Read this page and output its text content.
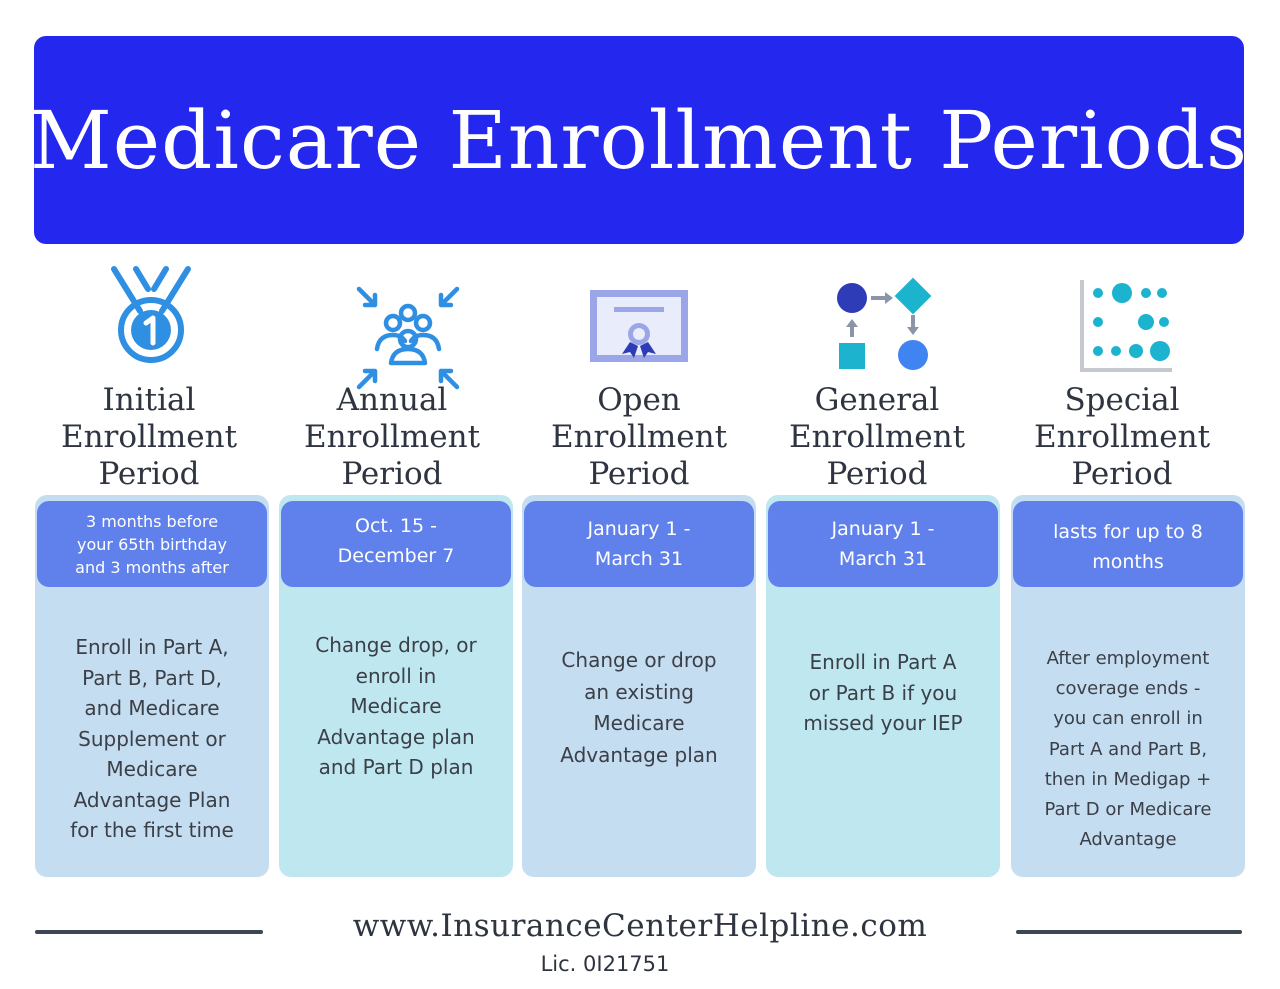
Medicare Enrollment Periods
Initial
Enrollment
Period
Annual
Enrollment
Period
Open
Enrollment
Period
General
Enrollment
Period
Special
Enrollment
Period
3 months before
your 65th birthday
and 3 months after
Enroll in Part A,
Part B, Part D,
and Medicare
Supplement or
Medicare
Advantage Plan
for the first time
Oct. 15 -
December 7
Change drop, or
enroll in
Medicare
Advantage plan
and Part D plan
January 1 -
March 31
Change or drop
an existing
Medicare
Advantage plan
January 1 -
March 31
Enroll in Part A
or Part B if you
missed your IEP
lasts for up to 8
months
After employment
coverage ends -
you can enroll in
Part A and Part B,
then in Medigap +
Part D or Medicare
Advantage
www.InsuranceCenterHelpline.com
Lic. 0I21751
